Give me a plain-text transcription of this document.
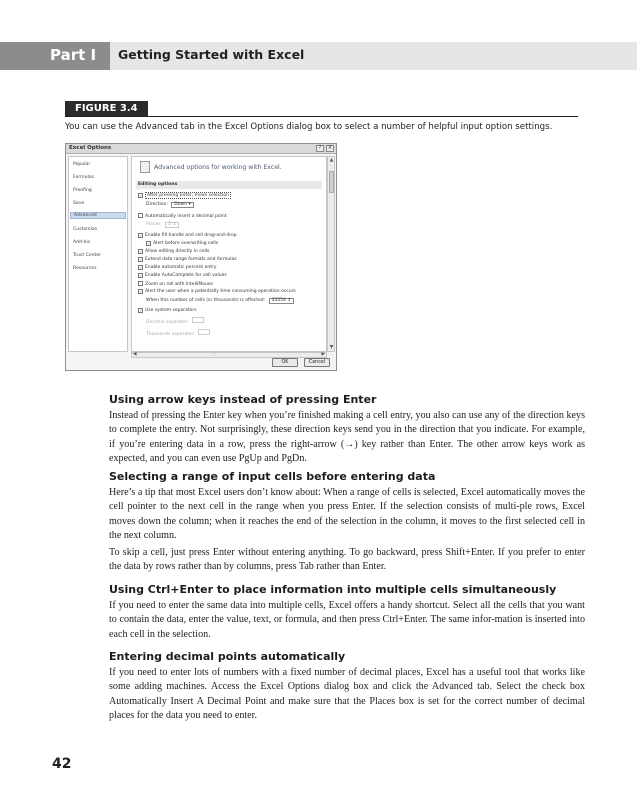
Part I Getting Started with Excel
FIGURE 3.4
You can use the Advanced tab in the Excel Options dialog box to select a number of helpful input option settings.
Excel Options	?	X
Popular
Formulas
Proofing
Save
Advanced
Customize
Add-Ins
Trust Center
Resources
Advanced options for working with Excel.
Editing options
✓ After pressing Enter, move selection
Direction: Down ▾
Automatically insert a decimal point
Places: 2 ⇕
✓ Enable fill handle and cell drag-and-drop
✓ Alert before overwriting cells
✓ Allow editing directly in cells
✓ Extend data range formats and formulas
✓ Enable automatic percent entry
✓ Enable AutoComplete for cell values
Zoom on roll with IntelliMouse
✓ Alert the user when a potentially time consuming operation occurs
When this number of cells (in thousands) is affected: 33554 ⇕
✓ Use system separators
Decimal separator:
Thousands separator:
▲
▼
◀	⋮	▶
OK	Cancel
Using arrow keys instead of pressing Enter
Instead of pressing the Enter key when you’re finished making a cell entry, you also can use any of the direction keys to complete the entry. Not surprisingly, these direction keys send you in the direction that you indicate. For example, if you’re entering data in a row, press the right-arrow (→) key rather than Enter. The other arrow keys work as expected, and you can even use PgUp and PgDn.
Selecting a range of input cells before entering data
Here’s a tip that most Excel users don’t know about: When a range of cells is selected, Excel automatically moves the cell pointer to the next cell in the range when you press Enter. If the selection consists of multi-ple rows, Excel moves down the column; when it reaches the end of the selection in the column, it moves to the first selected cell in the next column.
To skip a cell, just press Enter without entering anything. To go backward, press Shift+Enter. If you prefer to enter the data by rows rather than by columns, press Tab rather than Enter.
Using Ctrl+Enter to place information into multiple cells simultaneously
If you need to enter the same data into multiple cells, Excel offers a handy shortcut. Select all the cells that you want to contain the data, enter the value, text, or formula, and then press Ctrl+Enter. The same infor-mation is inserted into each cell in the selection.
Entering decimal points automatically
If you need to enter lots of numbers with a fixed number of decimal places, Excel has a useful tool that works like some adding machines. Access the Excel Options dialog box and click the Advanced tab. Select the check box Automatically Insert A Decimal Point and make sure that the Places box is set for the correct number of decimal places for the data you need to enter.
42
